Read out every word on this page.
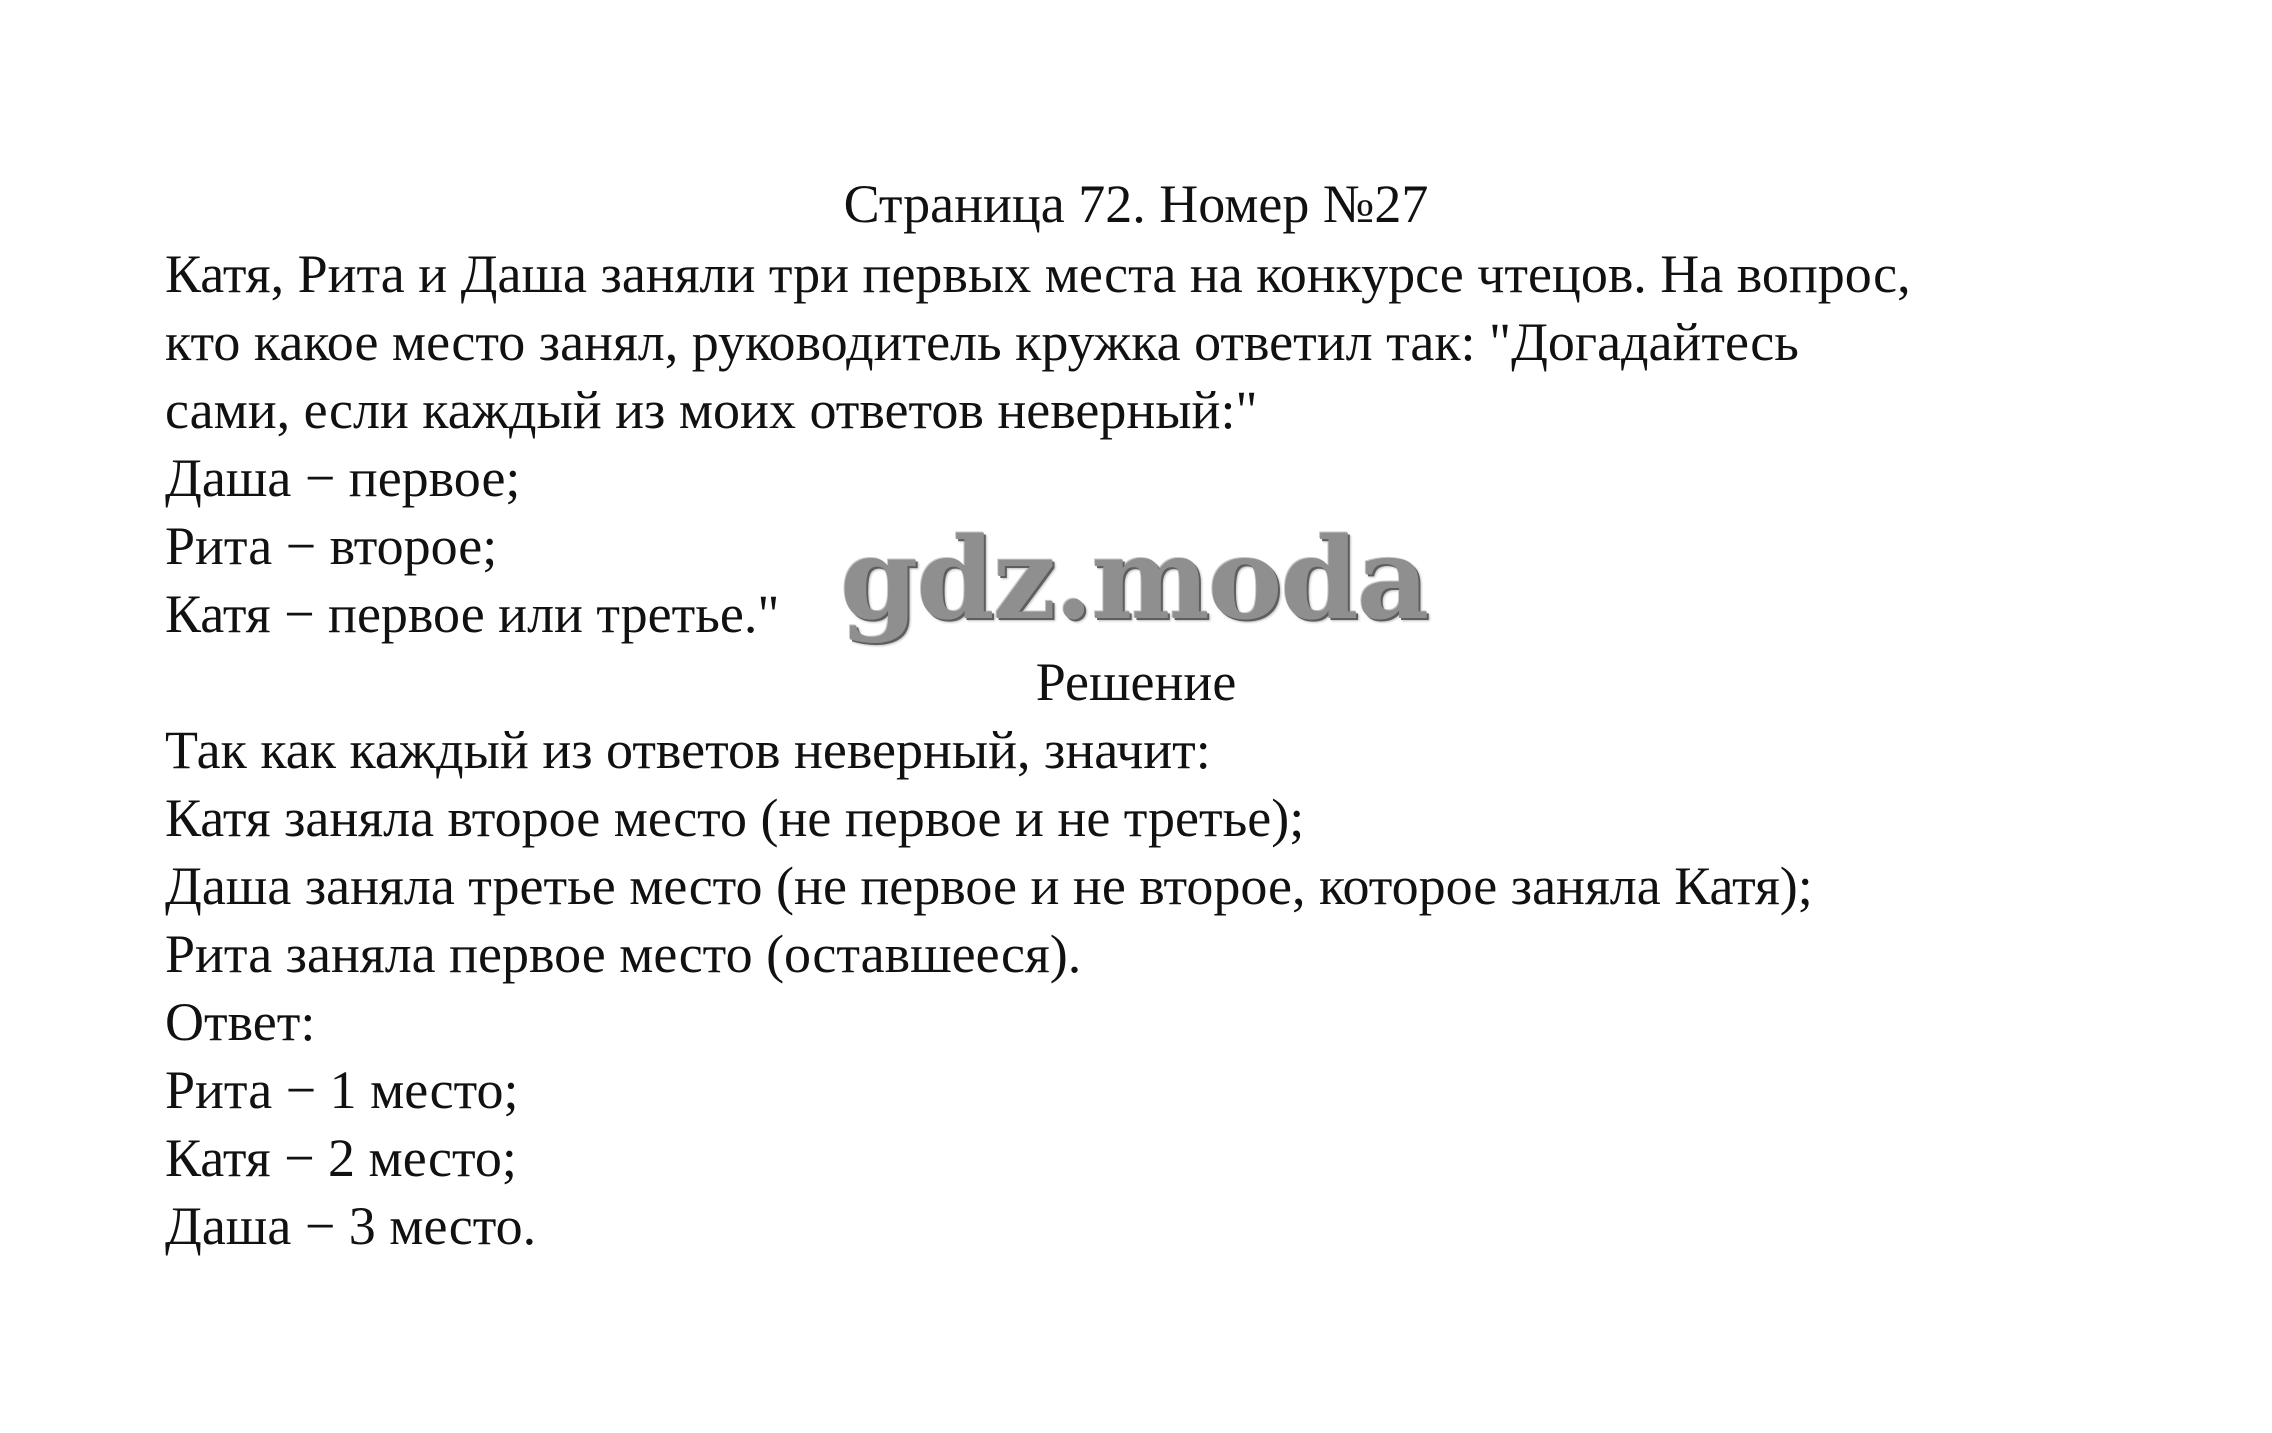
Страница 72. Номер №27
Катя, Рита и Даша заняли три первых места на конкурсе чтецов. На вопрос,
кто какое место занял, руководитель кружка ответил так: "Догадайтесь
сами, если каждый из моих ответов неверный:"
Даша − первое;
Рита − второе;
Катя − первое или третье."
Решение
Так как каждый из ответов неверный, значит:
Катя заняла второе место (не первое и не третье);
Даша заняла третье место (не первое и не второе, которое заняла Катя);
Рита заняла первое место (оставшееся).
Ответ:
Рита − 1 место;
Катя − 2 место;
Даша − 3 место.
gdz.moda
